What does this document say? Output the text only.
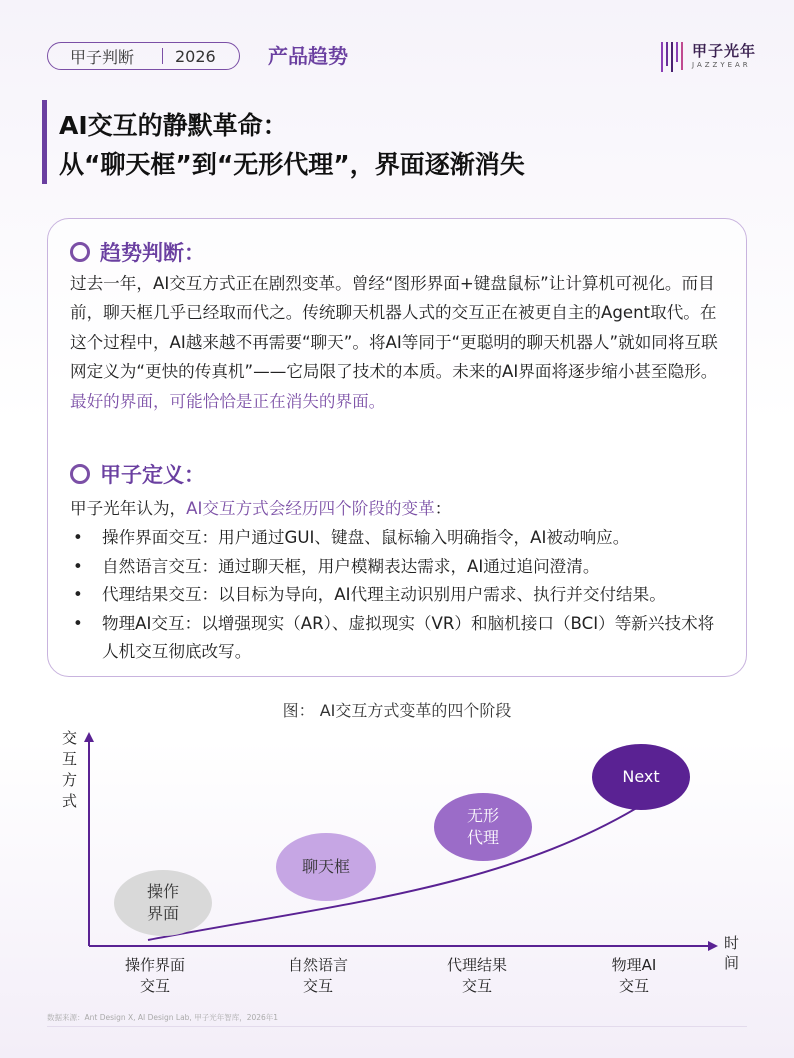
甲子判断	2026	产品趋势	甲子光年
JAZZYEAR
AI交互的静默革命：
从“聊天框”到“无形代理”，界面逐渐消失
趋势判断：

过去一年，AI交互方式正在剧烈变革。曾经“图形界面+键盘鼠标”让计算机可视化。而目前，聊天框几乎已经取而代之。传统聊天机器人式的交互正在被更自主的Agent取代。在这个过程中，AI越来越不再需要“聊天”。将AI等同于“更聪明的聊天机器人”就如同将互联网定义为“更快的传真机”——它局限了技术的本质。未来的AI界面将逐步缩小甚至隐形。最好的界面，可能恰恰是正在消失的界面。

甲子定义：
甲子光年认为，AI交互方式会经历四个阶段的变革：
• 操作界面交互：用户通过GUI、键盘、鼠标输入明确指令，AI被动响应。
• 自然语言交互：通过聊天框，用户模糊表达需求，AI通过追问澄清。
• 代理结果交互：以目标为导向，AI代理主动识别用户需求、执行并交付结果。
• 物理AI交互：以增强现实（AR）、虚拟现实（VR）和脑机接口（BCI）等新兴技术将人机交互彻底改写。
图： AI交互方式变革的四个阶段
交互方式
时间
操作
界面
聊天框
无形
代理
Next
操作界面
交互
自然语言
交互
代理结果
交互
物理AI
交互
数据来源：Ant Design X, AI Design Lab, 甲子光年智库，2026年1
